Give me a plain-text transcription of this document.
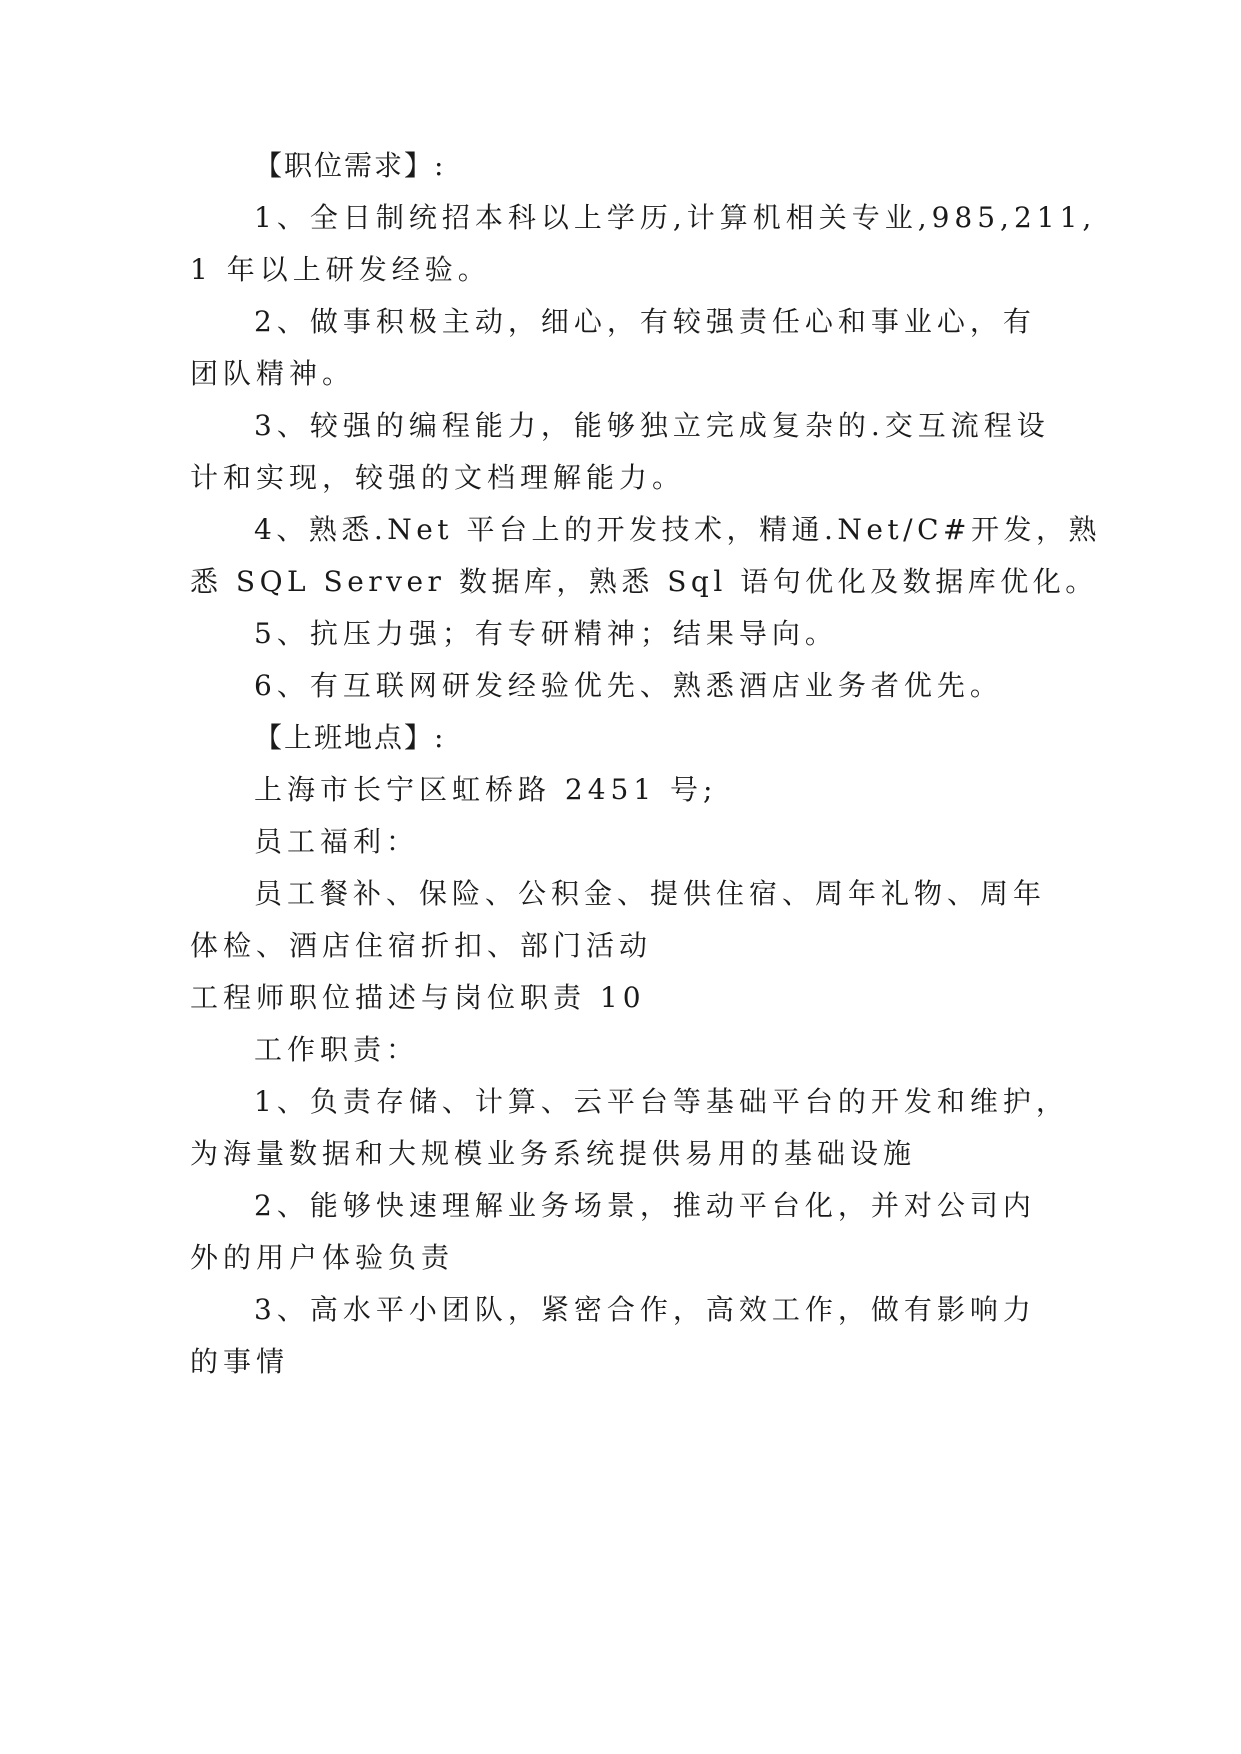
【职位需求】:
1、全日制统招本科以上学历,计算机相关专业,985,211,
1 年以上研发经验。
2、做事积极主动，细心，有较强责任心和事业心，有
团队精神。
3、较强的编程能力，能够独立完成复杂的.交互流程设
计和实现，较强的文档理解能力。
4、熟悉.Net 平台上的开发技术，精通.Net/C#开发，熟
悉 SQL Server 数据库，熟悉 Sql 语句优化及数据库优化。
5、抗压力强；有专研精神；结果导向。
6、有互联网研发经验优先、熟悉酒店业务者优先。
【上班地点】:
上海市长宁区虹桥路 2451 号;
员工福利：
员工餐补、保险、公积金、提供住宿、周年礼物、周年
体检、酒店住宿折扣、部门活动
工程师职位描述与岗位职责 10
工作职责：
1、负责存储、计算、云平台等基础平台的开发和维护，
为海量数据和大规模业务系统提供易用的基础设施
2、能够快速理解业务场景，推动平台化，并对公司内
外的用户体验负责
3、高水平小团队，紧密合作，高效工作，做有影响力
的事情
